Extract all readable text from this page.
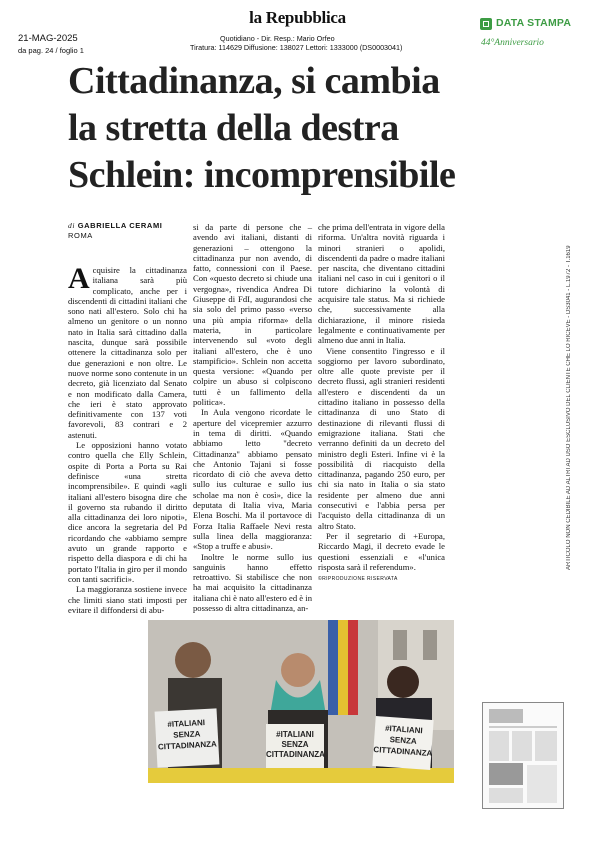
21-MAG-2025
da pag. 24 / foglio 1
la Repubblica
Quotidiano - Dir. Resp.: Mario Orfeo
Tiratura: 114629 Diffusione: 138027 Lettori: 1333000 (DS0003041)
DATA STAMPA
44°Anniversario
ARTICOLO NON CEDIBILE AD ALTRI AD USO ESCLUSIVO DEL CLIENTE CHE LO RICEVE - DS3041 - L.1972 - T.1619
Cittadinanza, si cambia
la stretta della destra
Schlein: incomprensibile
di GABRIELLA CERAMI
ROMA

Acquisire la cittadinanza italiana sarà più complicato, anche per i discendenti di cittadini italiani che sono nati all'estero. Solo chi ha almeno un genitore o un nonno nato in Italia sarà cittadino dalla nascita, dunque sarà possibile ottenere la cittadinanza solo per due generazioni e non oltre. Le nuove norme sono contenute in un decreto, già licenziato dal Senato e non modificato dalla Camera, che ieri è stato approvato definitivamente con 137 voti favorevoli, 83 contrari e 2 astenuti.

Le opposizioni hanno votato contro quella che Elly Schlein, ospite di Porta a Porta su Rai definisce «una stretta incomprensibile». E quindi «agli italiani all'estero bisogna dire che il governo sta rubando il diritto alla cittadinanza dei loro nipoti», dice ancora la segretaria del Pd ricordando che «abbiamo sempre avuto un grande rapporto e rispetto della diaspora e di chi ha portato l'Italia in giro per il mondo con tanti sacrifici».

La maggioranza sostiene invece che limiti siano stati imposti per evitare il diffondersi di abu-

si da parte di persone che – avendo avi italiani, distanti di generazioni – ottengono la cittadinanza pur non avendo, di fatto, connessioni con il Paese. Con «questo decreto si chiude una vergogna», rivendica Andrea Di Giuseppe di FdI, augurandosi che sia solo del primo passo «verso una più ampia riforma» della materia, in particolare intervenendo sul «voto degli italiani all'estero, che è uno stampificio». Schlein non accetta questa versione: «Quando per colpire un abuso si colpiscono tutti è un fallimento della politica».

In Aula vengono ricordate le aperture del vicepremier azzurro in tema di diritti. «Quando abbiamo letto "decreto Cittadinanza" abbiamo pensato che Antonio Tajani si fosse ricordato di ciò che aveva detto sullo ius culturae e sullo ius scholae ma non è così», dice la deputata di Italia viva, Maria Elena Boschi. Ma il portavoce di Forza Italia Raffaele Nevi resta sulla linea della maggioranza: «Stop a truffe e abusi».

Inoltre le norme sullo ius sanguinis hanno effetto retroattivo. Si stabilisce che non ha mai acquisito la cittadinanza italiana chi è nato all'estero ed è in possesso di altra cittadinanza, an-

che prima dell'entrata in vigore della riforma. Un'altra novità riguarda i minori stranieri o apolidi, discendenti da padre o madre italiani per nascita, che diventano cittadini italiani nel caso in cui i genitori o il tutore dichiarino la volontà di acquisire tale status. Ma si richiede che, successivamente alla dichiarazione, il minore risieda legalmente e continuativamente per almeno due anni in Italia.

Viene consentito l'ingresso e il soggiorno per lavoro subordinato, oltre alle quote previste per il decreto flussi, agli stranieri residenti all'estero e discendenti da un cittadino italiano in possesso della cittadinanza di uno Stato di destinazione di rilevanti flussi di emigrazione italiana. Stati che verranno definiti da un decreto del ministro degli Esteri. Infine vi è la possibilità di riacquisto della cittadinanza, pagando 250 euro, per chi sia nato in Italia o sia stato residente per almeno due anni consecutivi e l'abbia persa per l'acquisto della cittadinanza di un altro Stato.

Per il segretario di +Europa, Riccardo Magi, il decreto evade le questioni essenziali e «l'unica risposta sarà il referendum».

©RIPRODUZIONE RISERVATA
#ITALIANI SENZA CITTADINANZA
#ITALIANI SENZA CITTADINANZA
#ITALIANI SENZA CITTADINANZA
